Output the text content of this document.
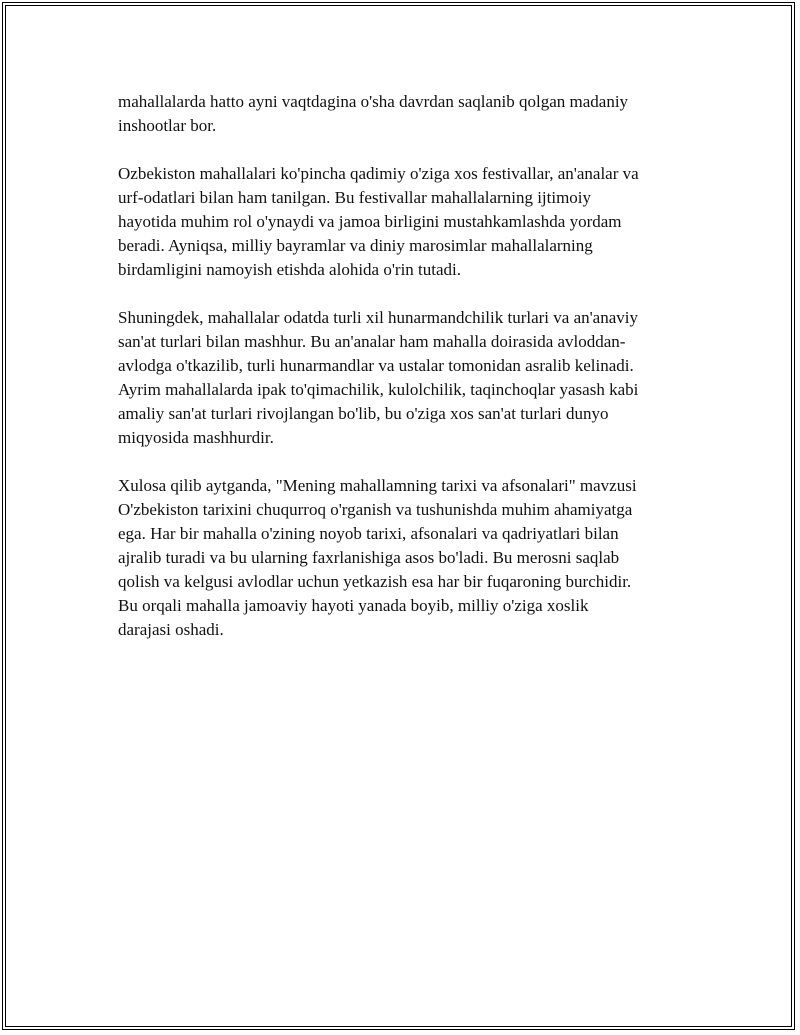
mahallalarda hatto ayni vaqtdagina o'sha davrdan saqlanib qolgan madaniy
inshootlar bor.

Ozbekiston mahallalari ko'pincha qadimiy o'ziga xos festivallar, an'analar va
urf-odatlari bilan ham tanilgan. Bu festivallar mahallalarning ijtimoiy
hayotida muhim rol o'ynaydi va jamoa birligini mustahkamlashda yordam
beradi. Ayniqsa, milliy bayramlar va diniy marosimlar mahallalarning
birdamligini namoyish etishda alohida o'rin tutadi.

Shuningdek, mahallalar odatda turli xil hunarmandchilik turlari va an'anaviy
san'at turlari bilan mashhur. Bu an'analar ham mahalla doirasida avloddan-
avlodga o'tkazilib, turli hunarmandlar va ustalar tomonidan asralib kelinadi.
Ayrim mahallalarda ipak to'qimachilik, kulolchilik, taqinchoqlar yasash kabi
amaliy san'at turlari rivojlangan bo'lib, bu o'ziga xos san'at turlari dunyo
miqyosida mashhurdir.

Xulosa qilib aytganda, "Mening mahallamning tarixi va afsonalari" mavzusi
O'zbekiston tarixini chuqurroq o'rganish va tushunishda muhim ahamiyatga
ega. Har bir mahalla o'zining noyob tarixi, afsonalari va qadriyatlari bilan
ajralib turadi va bu ularning faxrlanishiga asos bo'ladi. Bu merosni saqlab
qolish va kelgusi avlodlar uchun yetkazish esa har bir fuqaroning burchidir.
Bu orqali mahalla jamoaviy hayoti yanada boyib, milliy o'ziga xoslik
darajasi oshadi.
